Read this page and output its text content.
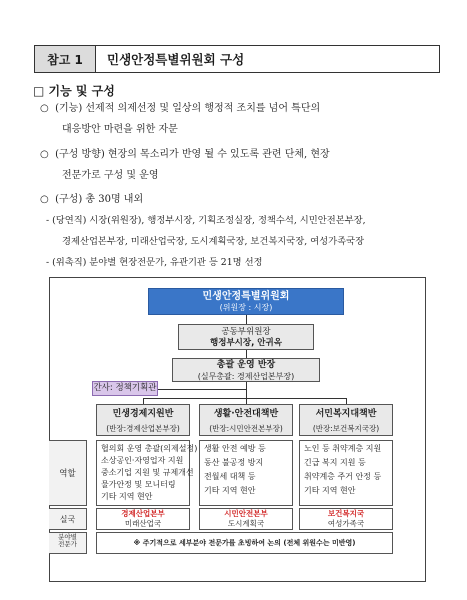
참고 1	민생안정특별위원회 구성
□ 기능 및 구성
○ (기능) 선제적 의제선정 및 일상의 행정적 조치를 넘어 특단의
대응방안 마련을 위한 자문
○ (구성 방향) 현장의 목소리가 반영 될 수 있도록 관련 단체, 현장
전문가로 구성 및 운영
○ (구성) 총 30명 내외
- (당연직) 시장(위원장), 행정부시장, 기획조정실장, 정책수석, 시민안전본부장,
경제산업본부장, 미래산업국장, 도시계획국장, 보건복지국장, 여성가족국장
- (위촉직) 분야별 현장전문가, 유관기관 등 21명 선정
민생안정특별위원회
(위원장 : 시장)
공동부위원장
행정부시장, 안귀옥
총괄 운영 반장
(실무총괄: 경제산업본부장)
간사: 정책기획관
민생경제지원반
(반장:경제산업본부장)
생활·안전대책반
(반장:시민안전본부장)
서민복지대책반
(반장:보건복지국장)
역할
실국
분야별 전문가
협의회 운영 총괄(의제설정)
소상공인·자영업자 지원
중소기업 지원 및 규제개선
물가안정 및 모니터링
기타 지역 현안
생활 안전 예방 등
동산 불공정 방지
전월세 대책 등
기타 지역 현안
노인 등 취약계층 지원
긴급 복지 지원 등
취약계층 주거 안정 등
기타 지역 현안
경제산업본부
미래산업국
시민안전본부
도시계획국
보건복지국
여성가족국
※ 주기적으로 세부분야 전문가를 초빙하여 논의 (전체 위원수는 미반영)
